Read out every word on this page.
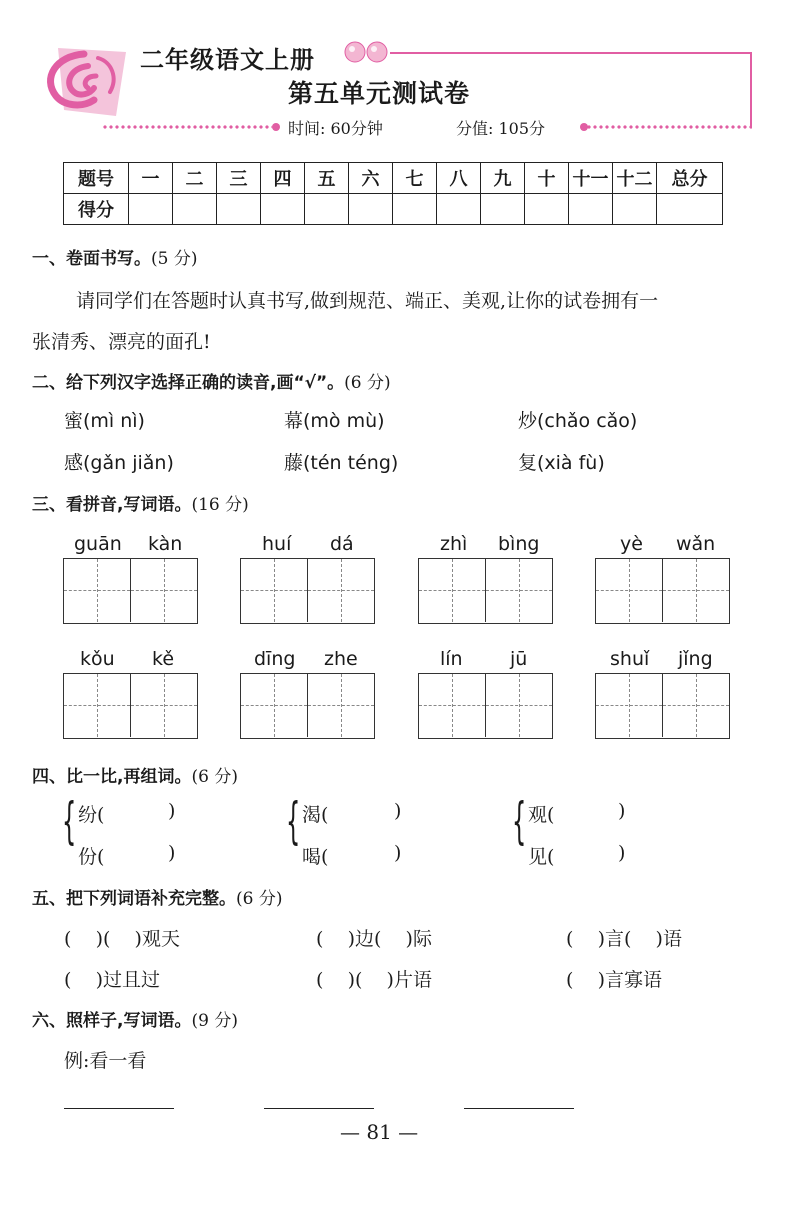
二年级语文上册
第五单元测试卷
时间: 60分钟	分值: 105分
题号	一	二	三	四	五	六	七	八	九	十	十一	十二	总分
得分													
一、卷面书写。(5 分)
请同学们在答题时认真书写,做到规范、端正、美观,让你的试卷拥有一
张清秀、漂亮的面孔!
二、给下列汉字选择正确的读音,画“√”。(6 分)
蜜(mì nì)	幕(mò mù)	炒(chǎo cǎo)
感(gǎn jiǎn)	藤(tén téng)	复(xià fù)
三、看拼音,写词语。(16 分)
guān kàn	huí dá	zhì bìng	yè wǎn
kǒu kě	dīng zhe	lín jū	shuǐ jǐng
四、比一比,再组词。(6 分)
{ 纷(	)
份(	)
{ 渴(	)
喝(	)
{ 观(	)
见(	)
五、把下列词语补充完整。(6 分)
(    )(    )观天	(    )边(    )际	(    )言(    )语
(    )过且过	(    )(    )片语	(    )言寡语
六、照样子,写词语。(9 分)
例:看一看
— 81 —
